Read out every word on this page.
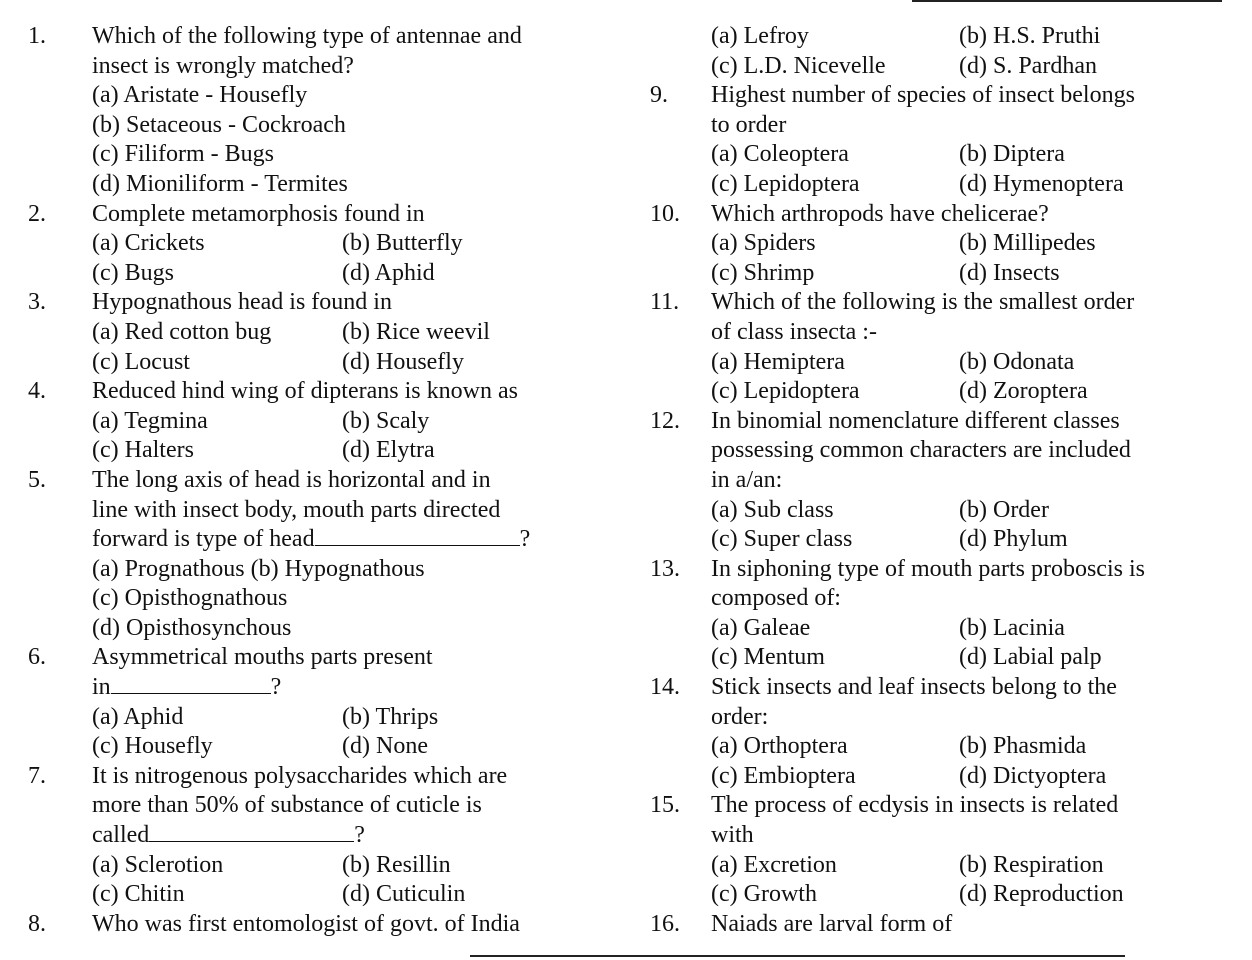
1. Which of the following type of antennae and
insect is wrongly matched?
(a) Aristate - Housefly
(b) Setaceous - Cockroach
(c) Filiform - Bugs
(d) Mioniliform - Termites
2. Complete metamorphosis found in
(a) Crickets	(b) Butterfly
(c) Bugs	(d) Aphid
3. Hypognathous head is found in
(a) Red cotton bug	(b) Rice weevil
(c) Locust	(d) Housefly
4. Reduced hind wing of dipterans is known as
(a) Tegmina	(b) Scaly
(c) Halters	(d) Elytra
5. The long axis of head is horizontal and in
line with insect body, mouth parts directed
forward is type of head	?
(a) Prognathous (b) Hypognathous
(c) Opisthognathous
(d) Opisthosynchous
6. Asymmetrical mouths parts present
in	?
(a) Aphid	(b) Thrips
(c) Housefly	(d) None
7. It is nitrogenous polysaccharides which are
more than 50% of substance of cuticle is
called	?
(a) Sclerotion	(b) Resillin
(c) Chitin	(d) Cuticulin
8. Who was first entomologist of govt. of India
(a) Lefroy	(b) H.S. Pruthi
(c) L.D. Nicevelle	(d) S. Pardhan
9. Highest number of species of insect belongs
to order
(a) Coleoptera	(b) Diptera
(c) Lepidoptera	(d) Hymenoptera
10. Which arthropods have chelicerae?
(a) Spiders	(b) Millipedes
(c) Shrimp	(d) Insects
11. Which of the following is the smallest order
of class insecta :-
(a) Hemiptera	(b) Odonata
(c) Lepidoptera	(d) Zoroptera
12. In binomial nomenclature different classes
possessing common characters are included
in a/an:
(a) Sub class	(b) Order
(c) Super class	(d) Phylum
13. In siphoning type of mouth parts proboscis is
composed of:
(a) Galeae	(b) Lacinia
(c) Mentum	(d) Labial palp
14. Stick insects and leaf insects belong to the
order:
(a) Orthoptera	(b) Phasmida
(c) Embioptera	(d) Dictyoptera
15. The process of ecdysis in insects is related
with
(a) Excretion	(b) Respiration
(c) Growth	(d) Reproduction
16. Naiads are larval form of
